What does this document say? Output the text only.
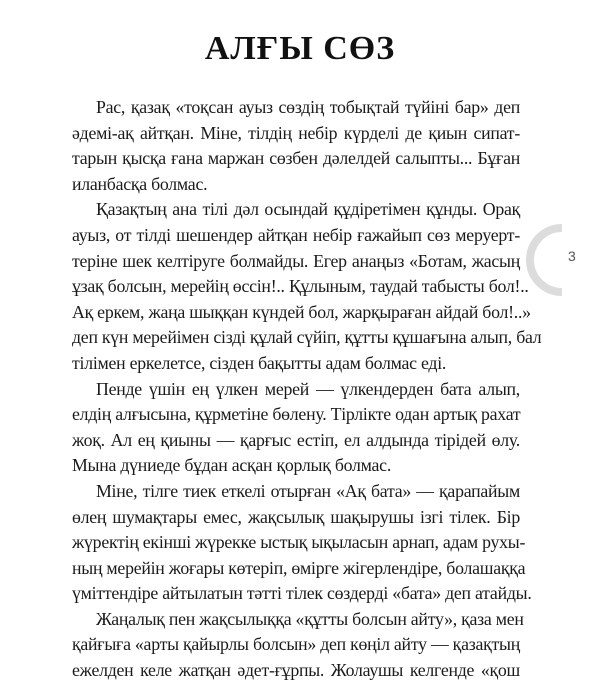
АЛҒЫ СӨЗ
Рас, қазақ «тоқсан ауыз сөздің тобықтай түйіні бар» деп
әдемі-ақ айтқан. Міне, тілдің небір күрделі де қиын сипат-
тарын қысқа ғана маржан сөзбен дәлелдей салыпты... Бұған
иланбасқа болмас.
Қазақтың ана тілі дәл осындай құдіретімен құнды. Орақ
ауыз, от тілді шешендер айтқан небір ғажайып сөз меруерт-
теріне шек келтіруге болмайды. Егер анаңыз «Ботам, жасың
ұзақ болсын, мерейің өссін!.. Құлыным, таудай табысты бол!..
Ақ еркем, жаңа шыққан күндей бол, жарқыраған айдай бол!..»
деп күн мерейімен сізді құлай сүйіп, құтты құшағына алып, бал
тілімен еркелетсе, сізден бақытты адам болмас еді.
Пенде үшін ең үлкен мерей — үлкендерден бата алып,
елдің алғысына, құрметіне бөлену. Тірлікте одан артық рахат
жоқ. Ал ең қиыны — қарғыс естіп, ел алдында тірідей өлу.
Мына дүниеде бұдан асқан қорлық болмас.
Міне, тілге тиек еткелі отырған «Ақ бата» — қарапайым
өлең шумақтары емес, жақсылық шақырушы ізгі тілек. Бір
жүректің екінші жүрекке ыстық ықыласын арнап, адам рухы-
ның мерейін жоғары көтеріп, өмірге жігерлендіре, болашаққа
үміттендіре айтылатын тәтті тілек сөздерді «бата» деп атайды.
Жаңалық пен жақсылыққа «құтты болсын айту», қаза мен
қайғыға «арты қайырлы болсын» деп көңіл айту — қазақтың
ежелден келе жатқан әдет-ғұрпы. Жолаушы келгенде «қош
3
